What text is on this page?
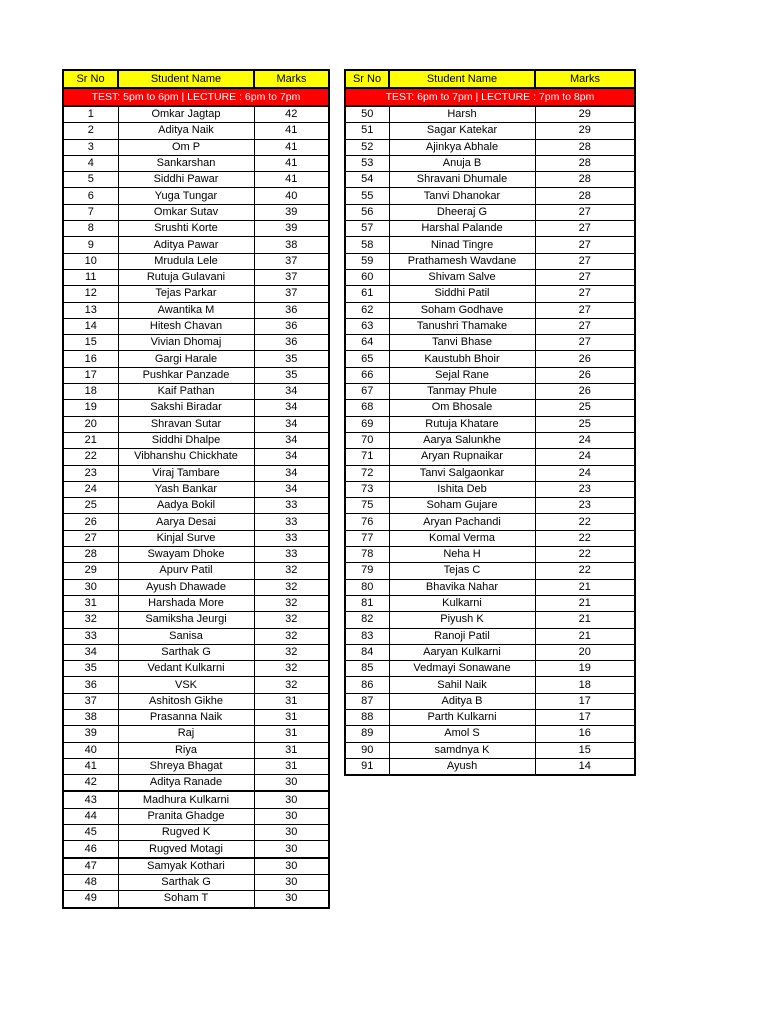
Sr No	Student Name	Marks
TEST: 5pm to 6pm | LECTURE : 6pm to 7pm		
1	Omkar Jagtap	42
2	Aditya Naik	41
3	Om P	41
4	Sankarshan	41
5	Siddhi Pawar	41
6	Yuga Tungar	40
7	Omkar Sutav	39
8	Srushti Korte	39
9	Aditya Pawar	38
10	Mrudula Lele	37
11	Rutuja Gulavani	37
12	Tejas Parkar	37
13	Awantika M	36
14	Hitesh Chavan	36
15	Vivian Dhomaj	36
16	Gargi Harale	35
17	Pushkar Panzade	35
18	Kaif Pathan	34
19	Sakshi Biradar	34
20	Shravan Sutar	34
21	Siddhi Dhalpe	34
22	Vibhanshu Chickhate	34
23	Viraj Tambare	34
24	Yash Bankar	34
25	Aadya Bokil	33
26	Aarya Desai	33
27	Kinjal Surve	33
28	Swayam Dhoke	33
29	Apurv Patil	32
30	Ayush Dhawade	32
31	Harshada More	32
32	Samiksha Jeurgi	32
33	Sanisa	32
34	Sarthak G	32
35	Vedant Kulkarni	32
36	VSK	32
37	Ashitosh Gikhe	31
38	Prasanna Naik	31
39	Raj	31
40	Riya	31
41	Shreya Bhagat	31
42	Aditya Ranade	30
43	Madhura Kulkarni	30
44	Pranita Ghadge	30
45	Rugved K	30
46	Rugved Motagi	30
47	Samyak Kothari	30
48	Sarthak G	30
49	Soham T	30
Sr No	Student Name	Marks
TEST: 6pm to 7pm | LECTURE : 7pm to 8pm		
50	Harsh	29
51	Sagar Katekar	29
52	Ajinkya Abhale	28
53	Anuja B	28
54	Shravani Dhumale	28
55	Tanvi Dhanokar	28
56	Dheeraj G	27
57	Harshal Palande	27
58	Ninad Tingre	27
59	Prathamesh Wavdane	27
60	Shivam Salve	27
61	Siddhi Patil	27
62	Soham Godhave	27
63	Tanushri Thamake	27
64	Tanvi Bhase	27
65	Kaustubh Bhoir	26
66	Sejal Rane	26
67	Tanmay Phule	26
68	Om Bhosale	25
69	Rutuja Khatare	25
70	Aarya Salunkhe	24
71	Aryan Rupnaikar	24
72	Tanvi Salgaonkar	24
73	Ishita Deb	23
75	Soham Gujare	23
76	Aryan Pachandi	22
77	Komal Verma	22
78	Neha H	22
79	Tejas C	22
80	Bhavika Nahar	21
81	Kulkarni	21
82	Piyush K	21
83	Ranoji Patil	21
84	Aaryan Kulkarni	20
85	Vedmayi Sonawane	19
86	Sahil Naik	18
87	Aditya B	17
88	Parth Kulkarni	17
89	Amol S	16
90	samdnya K	15
91	Ayush	14
